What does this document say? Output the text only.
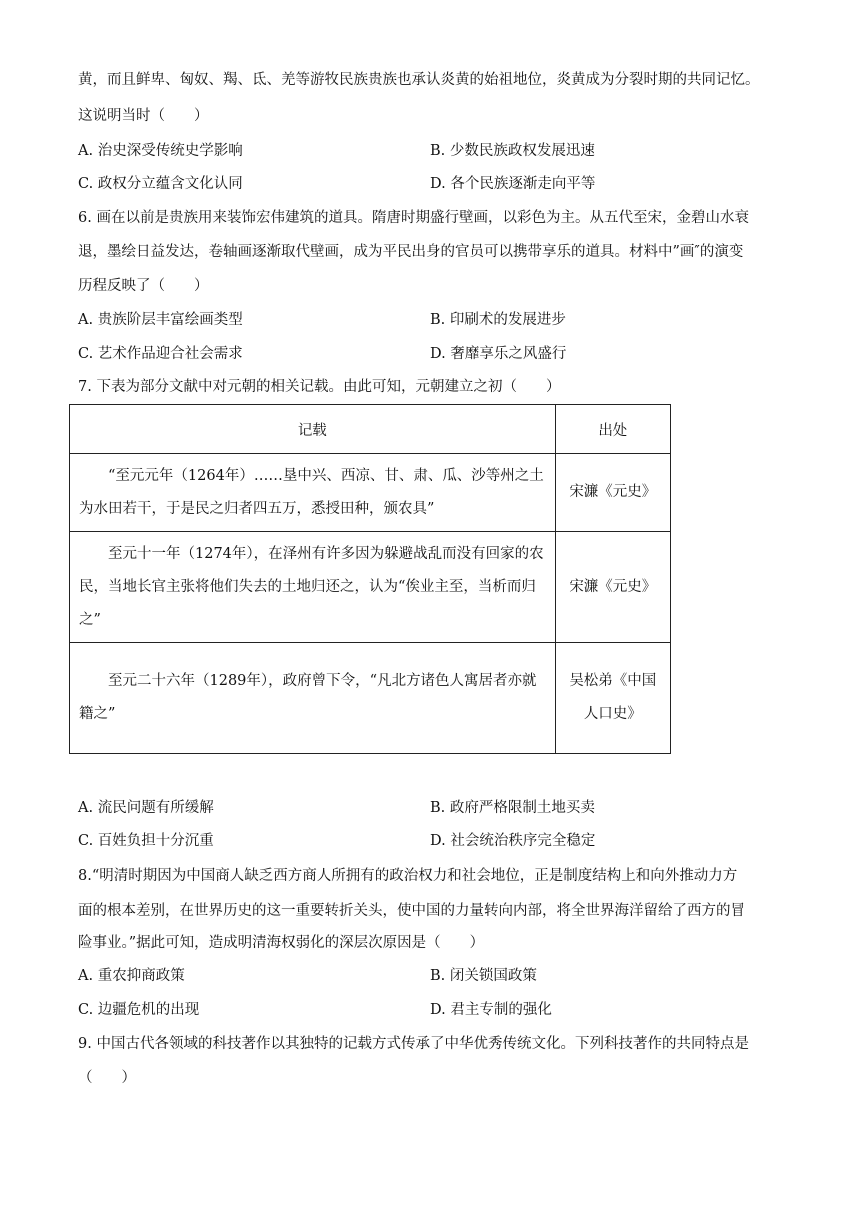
黄，而且鲜卑、匈奴、羯、氐、羌等游牧民族贵族也承认炎黄的始祖地位，炎黄成为分裂时期的共同记忆。
这说明当时（　　）
A. 治史深受传统史学影响	B. 少数民族政权发展迅速
C. 政权分立蕴含文化认同	D. 各个民族逐渐走向平等
6. 画在以前是贵族用来装饰宏伟建筑的道具。隋唐时期盛行壁画，以彩色为主。从五代至宋，金碧山水衰
退，墨绘日益发达，卷轴画逐渐取代壁画，成为平民出身的官员可以携带享乐的道具。材料中”画″的演变
历程反映了（　　）
A. 贵族阶层丰富绘画类型	B. 印刷术的发展进步
C. 艺术作品迎合社会需求	D. 奢靡享乐之风盛行
7. 下表为部分文献中对元朝的相关记载。由此可知，元朝建立之初（　　）
记载	出处

“至元元年（1264年）……垦中兴、西凉、甘、肃、瓜、沙等州之土为水田若干，于是民之归者四五万，悉授田种，颁农具”	宋濂《元史》

至元十一年（1274年），在泽州有许多因为躲避战乱而没有回家的农民，当地长官主张将他们失去的土地归还之，认为“俟业主至，当析而归之”	宋濂《元史》

至元二十六年（1289年），政府曾下令，“凡北方诸色人寓居者亦就籍之”	吴松弟《中国人口史》
A. 流民问题有所缓解	B. 政府严格限制土地买卖
C. 百姓负担十分沉重	D. 社会统治秩序完全稳定
8.“明清时期因为中国商人缺乏西方商人所拥有的政治权力和社会地位，正是制度结构上和向外推动力方
面的根本差别，在世界历史的这一重要转折关头，使中国的力量转向内部，将全世界海洋留给了西方的冒
险事业。”据此可知，造成明清海权弱化的深层次原因是（　　）
A. 重农抑商政策	B. 闭关锁国政策
C. 边疆危机的出现	D. 君主专制的强化
9. 中国古代各领域的科技著作以其独特的记载方式传承了中华优秀传统文化。下列科技著作的共同特点是
（　　）
